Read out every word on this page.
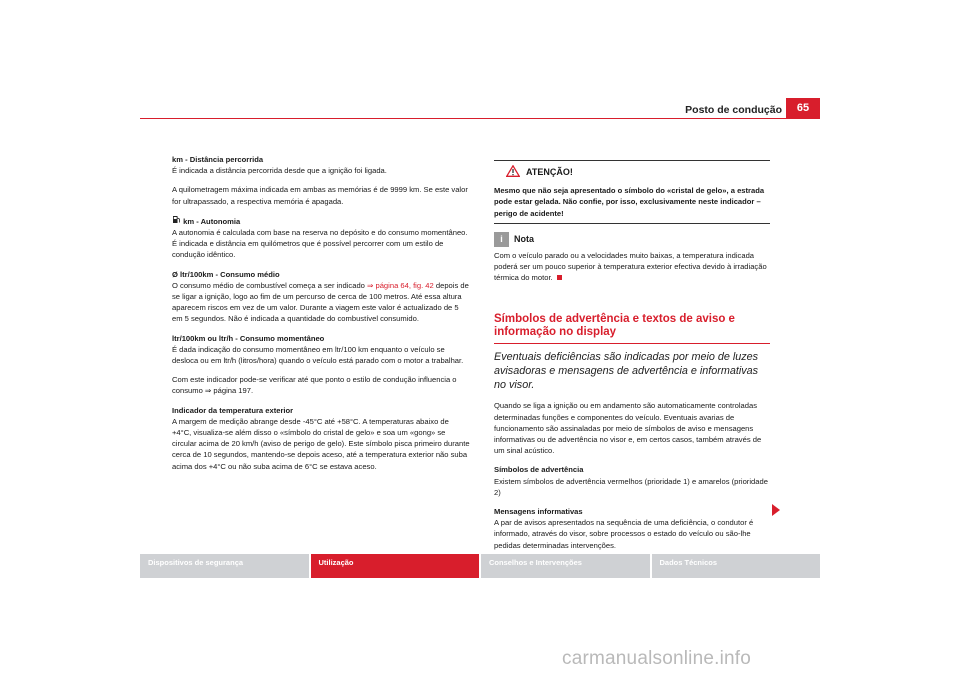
Posto de condução	65

km - Distância percorrida
É indicada a distância percorrida desde que a ignição foi ligada.

A quilometragem máxima indicada em ambas as memórias é de 9999 km. Se este valor for ultrapassado, a respectiva memória é apagada.

km - Autonomia
A autonomia é calculada com base na reserva no depósito e do consumo momentâneo. É indicada e distância em quilómetros que é possível percorrer com um estilo de condução idêntico.

Ø ltr/100km - Consumo médio
O consumo médio de combustível começa a ser indicado ⇒ página 64, fig. 42 depois de se ligar a ignição, logo ao fim de um percurso de cerca de 100 metros. Até essa altura aparecem riscos em vez de um valor. Durante a viagem este valor é actualizado de 5 em 5 segundos. Não é indicada a quantidade do combustível consumido.

ltr/100km ou ltr/h - Consumo momentâneo
É dada indicação do consumo momentâneo em ltr/100 km enquanto o veículo se desloca ou em ltr/h (litros/hora) quando o veículo está parado com o motor a trabalhar.

Com este indicador pode-se verificar até que ponto o estilo de condução influencia o consumo ⇒ página 197.

Indicador da temperatura exterior
A margem de medição abrange desde -45°C até +58°C. A temperaturas abaixo de +4°C, visualiza-se além disso o «símbolo do cristal de gelo» e soa um «gong» se circular acima de 20 km/h (aviso de perigo de gelo). Este símbolo pisca primeiro durante cerca de 10 segundos, mantendo-se depois aceso, até a temperatura exterior não suba acima dos +4°C ou não suba acima de 6°C se estava aceso.

ATENÇÃO!
Mesmo que não seja apresentado o símbolo do «cristal de gelo», a estrada pode estar gelada. Não confie, por isso, exclusivamente neste indicador – perigo de acidente!
i	Nota

Com o veículo parado ou a velocidades muito baixas, a temperatura indicada poderá ser um pouco superior à temperatura exterior efectiva devido à irradiação térmica do motor.

Símbolos de advertência e textos de aviso e informação no display
Eventuais deficiências são indicadas por meio de luzes avisadoras e mensagens de advertência e informativas no visor.

Quando se liga a ignição ou em andamento são automaticamente controladas determinadas funções e componentes do veículo. Eventuais avarias de funcionamento são assinaladas por meio de símbolos de aviso e mensagens informativas ou de advertência no visor e, em certos casos, também através de um sinal acústico.

Símbolos de advertência
Existem símbolos de advertência vermelhos (prioridade 1) e amarelos (prioridade 2)

Mensagens informativas
A par de avisos apresentados na sequência de uma deficiência, o condutor é informado, através do visor, sobre processos o estado do veículo ou são-lhe pedidas determinadas intervenções.

Dispositivos de segurança	Utilização	Conselhos e Intervenções	Dados Técnicos
carmanualsonline.info
